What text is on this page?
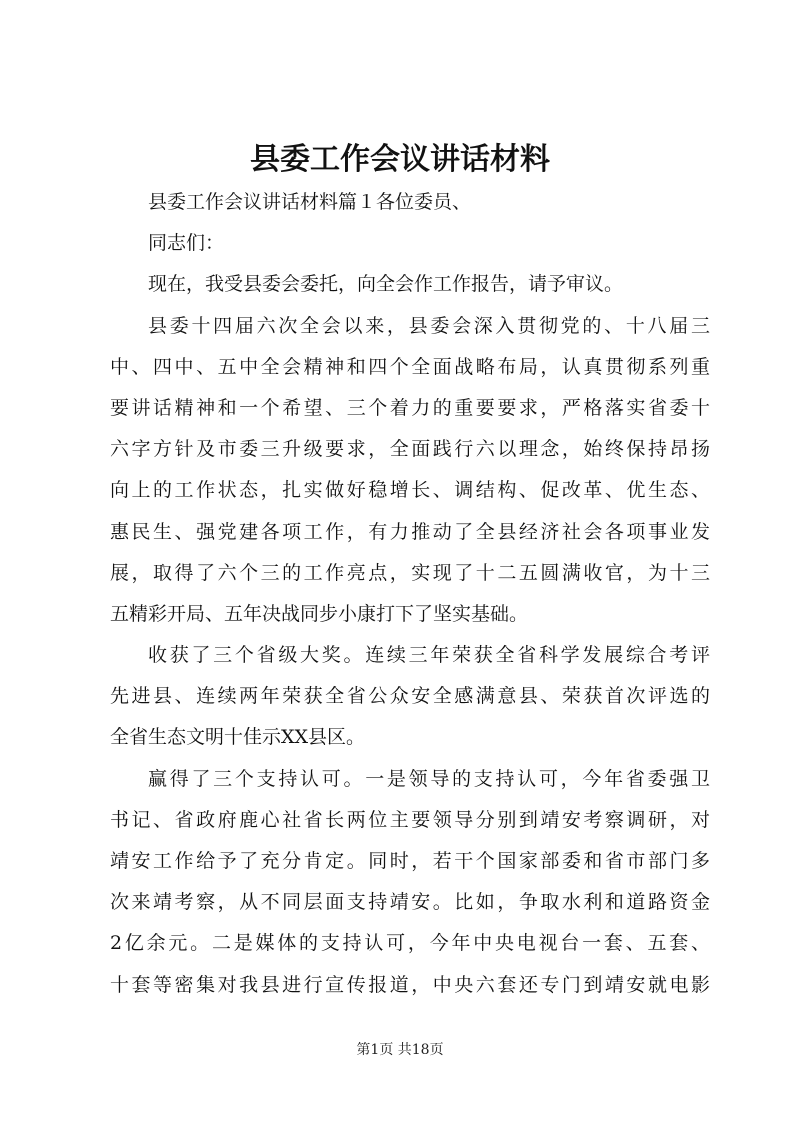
县委工作会议讲话材料
县委工作会议讲话材料篇１各位委员、
同志们：
现在，我受县委会委托，向全会作工作报告，请予审议。
县委十四届六次全会以来，县委会深入贯彻党的、十八届三
中、四中、五中全会精神和四个全面战略布局，认真贯彻系列重
要讲话精神和一个希望、三个着力的重要要求，严格落实省委十
六字方针及市委三升级要求，全面践行六以理念，始终保持昂扬
向上的工作状态，扎实做好稳增长、调结构、促改革、优生态、
惠民生、强党建各项工作，有力推动了全县经济社会各项事业发
展，取得了六个三的工作亮点，实现了十二五圆满收官，为十三
五精彩开局、五年决战同步小康打下了坚实基础。
收获了三个省级大奖。连续三年荣获全省科学发展综合考评
先进县、连续两年荣获全省公众安全感满意县、荣获首次评选的
全省生态文明十佳示XX县区。
赢得了三个支持认可。一是领导的支持认可，今年省委强卫
书记、省政府鹿心社省长两位主要领导分别到靖安考察调研，对
靖安工作给予了充分肯定。同时，若干个国家部委和省市部门多
次来靖考察，从不同层面支持靖安。比如，争取水利和道路资金
2亿余元。二是媒体的支持认可，今年中央电视台一套、五套、
十套等密集对我县进行宣传报道，中央六套还专门到靖安就电影
第1页 共18页
